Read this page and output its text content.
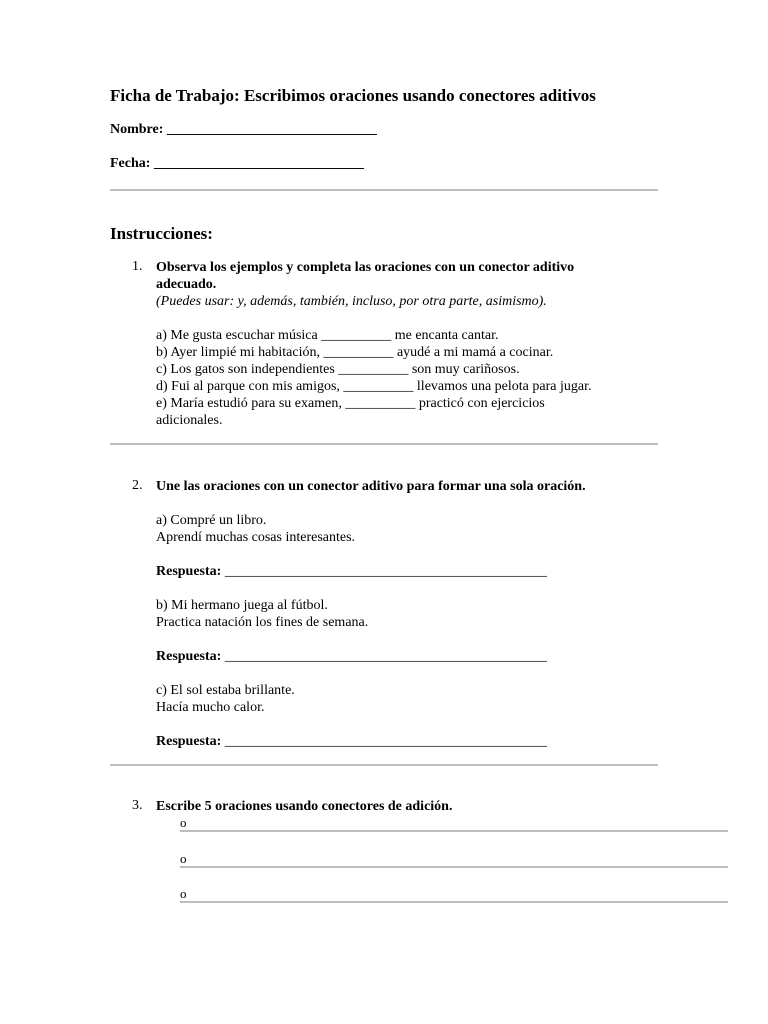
Ficha de Trabajo: Escribimos oraciones usando conectores aditivos
Nombre: ______________________________
Fecha: ______________________________
Instrucciones:
1. Observa los ejemplos y completa las oraciones con un conector aditivo
adecuado.
(Puedes usar: y, además, también, incluso, por otra parte, asimismo).
a) Me gusta escuchar música __________ me encanta cantar.
b) Ayer limpié mi habitación, __________ ayudé a mi mamá a cocinar.
c) Los gatos son independientes __________ son muy cariñosos.
d) Fui al parque con mis amigos, __________ llevamos una pelota para jugar.
e) María estudió para su examen, __________ practicó con ejercicios
adicionales.
2. Une las oraciones con un conector aditivo para formar una sola oración.
a) Compré un libro.
Aprendí muchas cosas interesantes.
Respuesta: ______________________________________________
b) Mi hermano juega al fútbol.
Practica natación los fines de semana.
Respuesta: ______________________________________________
c) El sol estaba brillante.
Hacía mucho calor.
Respuesta: ______________________________________________
3. Escribe 5 oraciones usando conectores de adición.
o
o
o
